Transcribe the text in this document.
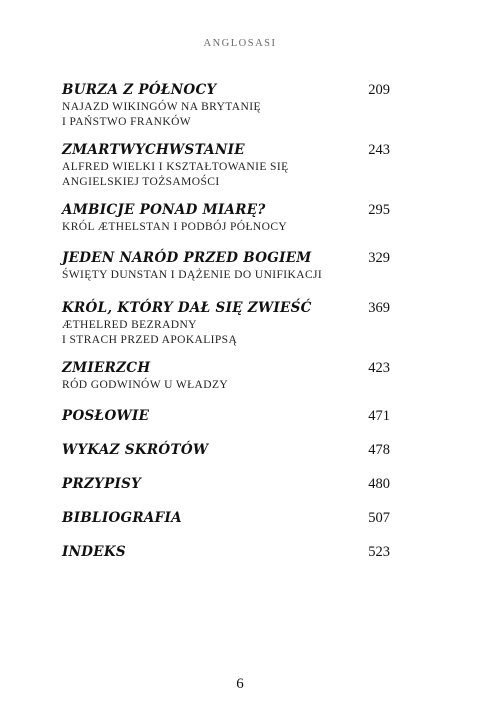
ANGLOSASI
BURZA Z PÓŁNOCY	209
NAJAZD WIKINGÓW NA BRYTANIĘ
I PAŃSTWO FRANKÓW
ZMARTWYCHWSTANIE	243
ALFRED WIELKI I KSZTAŁTOWANIE SIĘ
ANGIELSKIEJ TOŻSAMOŚCI
AMBICJE PONAD MIARĘ?	295
KRÓL ÆTHELSTAN I PODBÓJ PÓŁNOCY
JEDEN NARÓD PRZED BOGIEM	329
ŚWIĘTY DUNSTAN I DĄŻENIE DO UNIFIKACJI
KRÓL, KTÓRY DAŁ SIĘ ZWIEŚĆ	369
ÆTHELRED BEZRADNY
I STRACH PRZED APOKALIPSĄ
ZMIERZCH	423
RÓD GODWINÓW U WŁADZY
POSŁOWIE	471
WYKAZ SKRÓTÓW	478
PRZYPISY	480
BIBLIOGRAFIA	507
INDEKS	523
6
